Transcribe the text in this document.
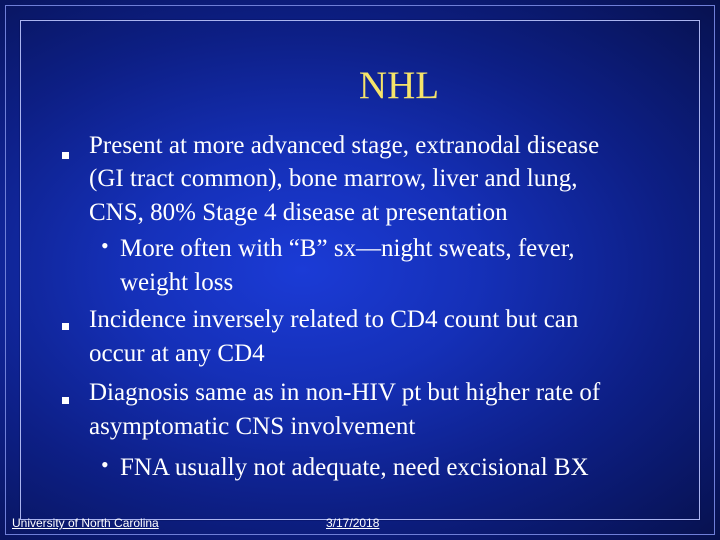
NHL
Present at more advanced stage, extranodal disease
(GI tract common), bone marrow, liver and lung,
CNS, 80% Stage 4 disease at presentation
• More often with “B” sx—night sweats, fever,
weight loss
Incidence inversely related to CD4 count but can
occur at any CD4
Diagnosis same as in non-HIV pt but higher rate of
asymptomatic CNS involvement
• FNA usually not adequate, need excisional BX
University of North Carolina	3/17/2018
